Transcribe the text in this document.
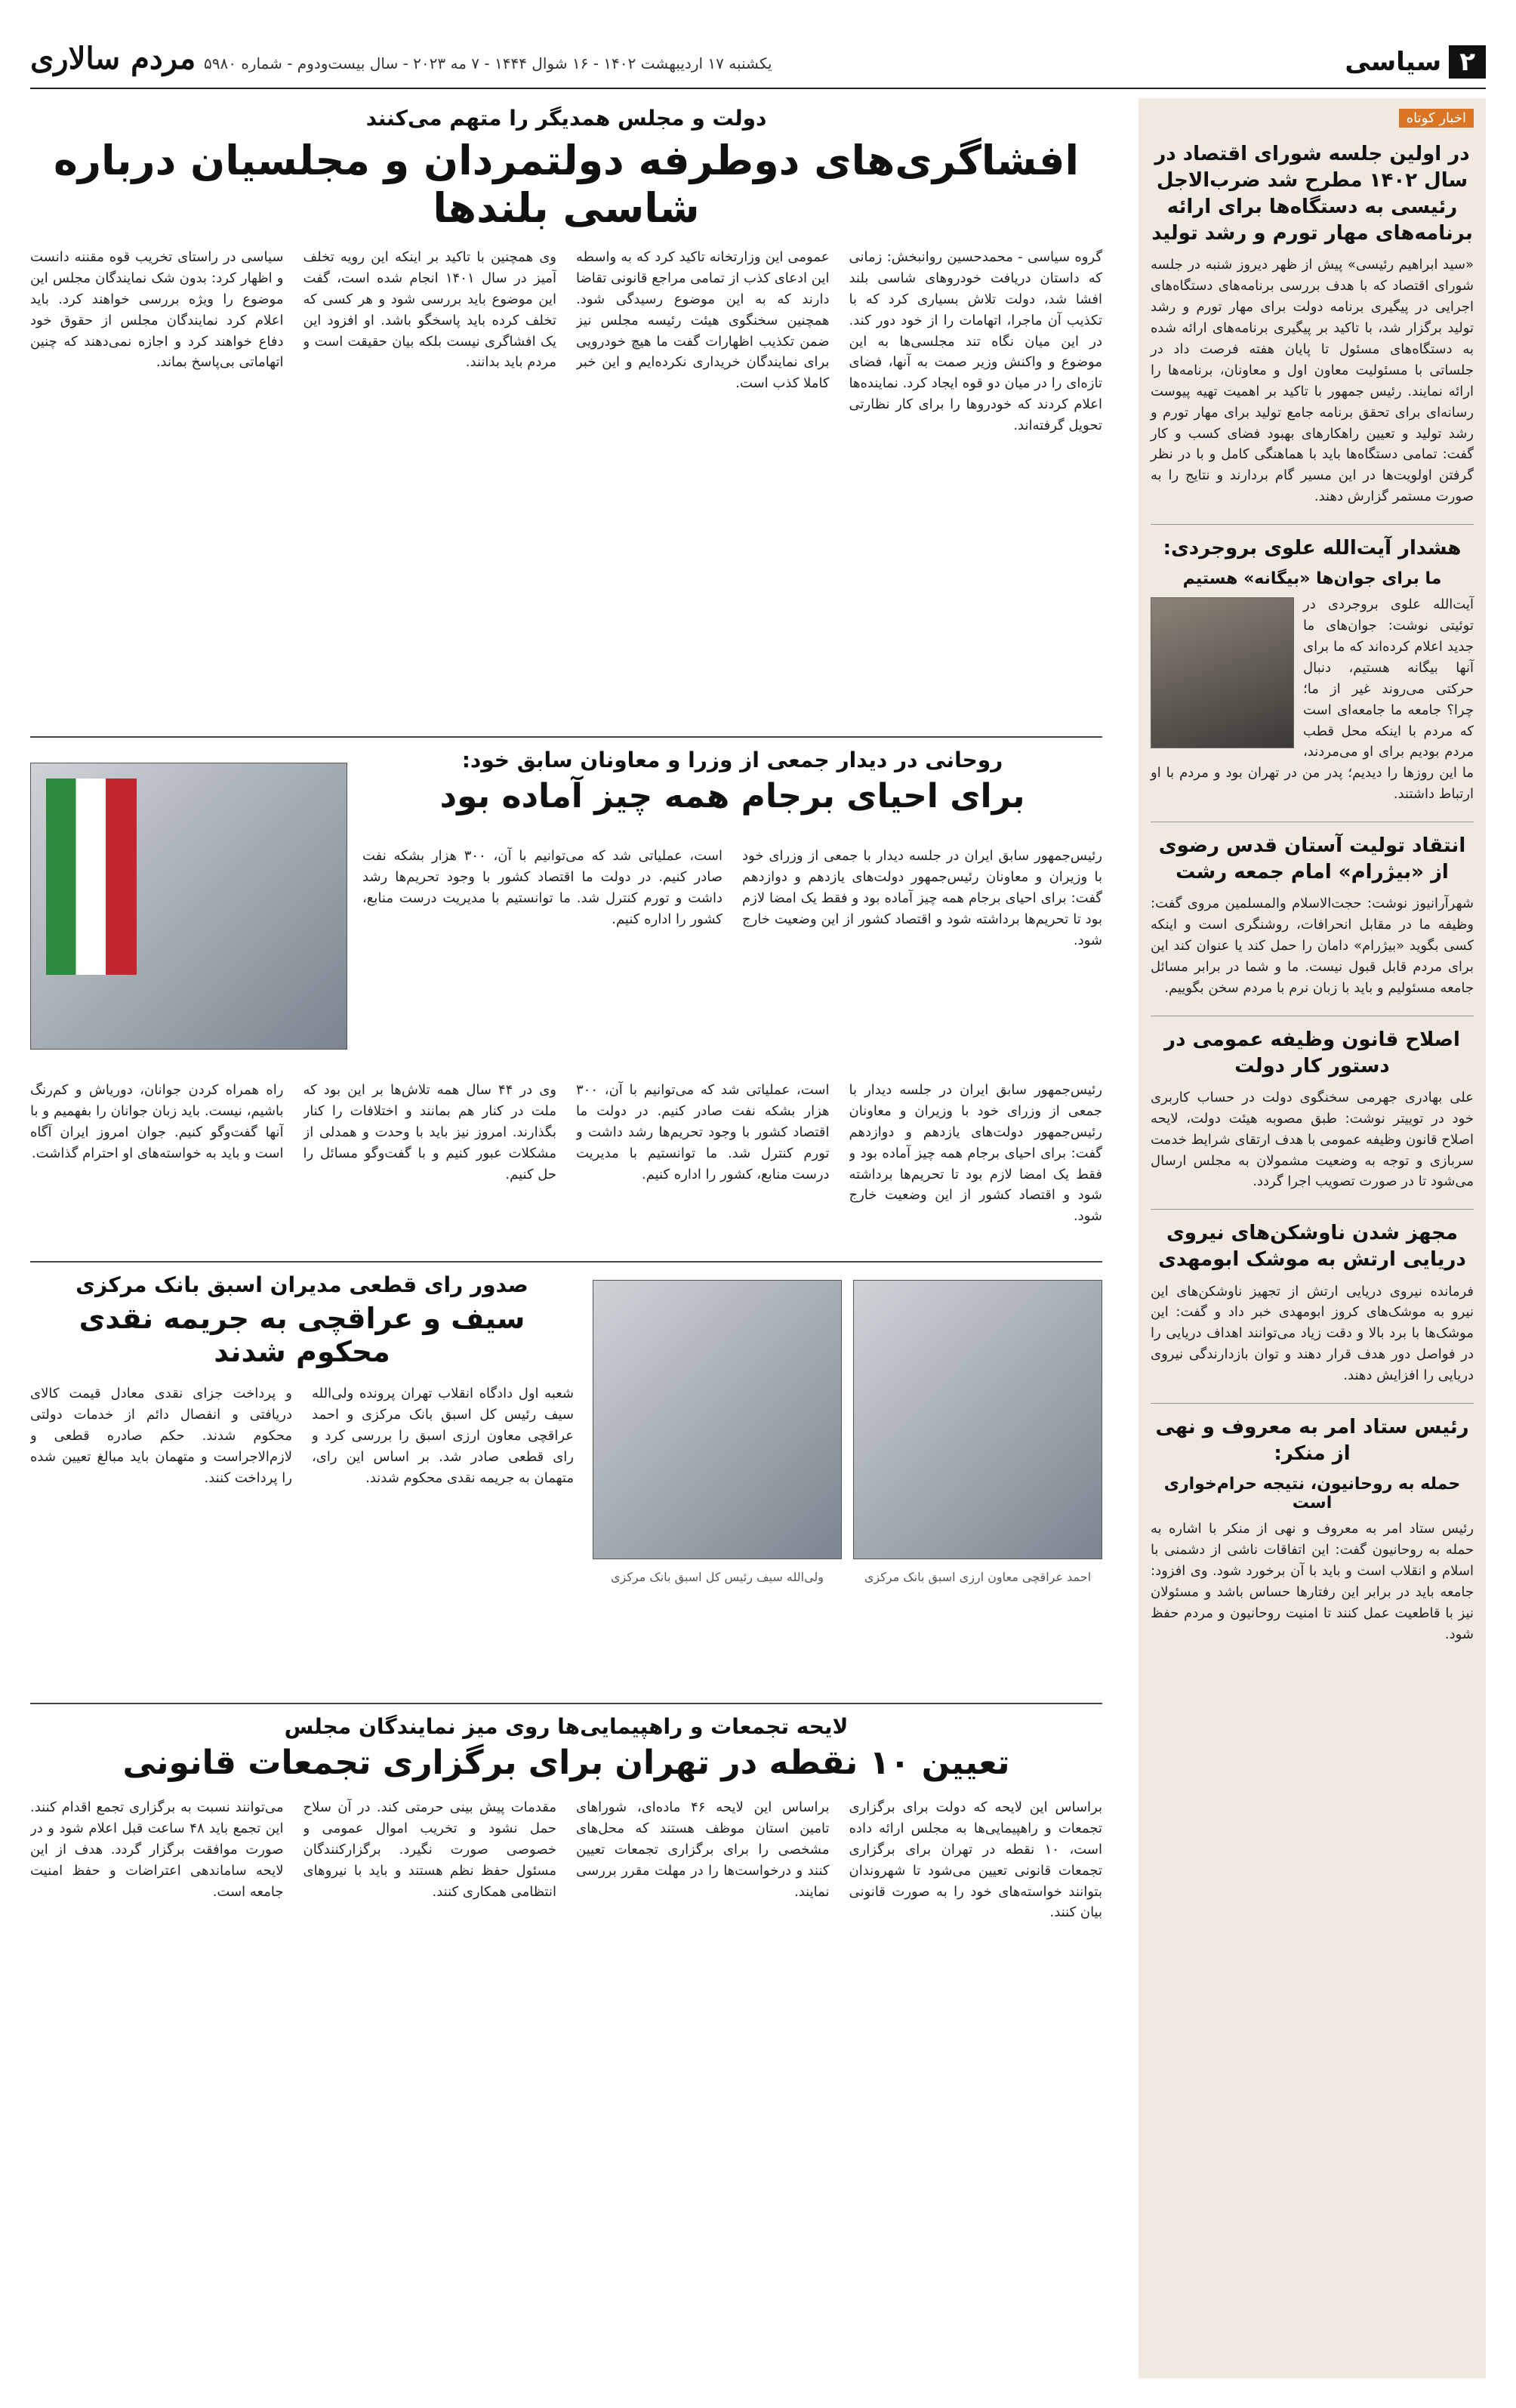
۲
سیاسی
یکشنبه ۱۷ اردیبهشت ۱۴۰۲ - ۱۶ شوال ۱۴۴۴ - ۷ مه ۲۰۲۳ - سال بیست‌ودوم - شماره ۵۹۸۰
مردم سالاری
اخبار کوتاه
در اولین جلسه شورای اقتصاد در سال ۱۴۰۲ مطرح شد ضرب‌الاجل رئیسی به دستگاه‌ها برای ارائه برنامه‌های مهار تورم و رشد تولید

«سید ابراهیم رئیسی» پیش از ظهر دیروز شنبه در جلسه شورای اقتصاد که با هدف بررسی برنامه‌های دستگاه‌های اجرایی در پیگیری برنامه دولت برای مهار تورم و رشد تولید برگزار شد، با تاکید بر پیگیری برنامه‌های ارائه شده به دستگاه‌های مسئول تا پایان هفته فرصت داد در جلساتی با مسئولیت معاون اول و معاونان، برنامه‌ها را ارائه نمایند. رئیس جمهور با تاکید بر اهمیت تهیه پیوست رسانه‌ای برای تحقق برنامه جامع تولید برای مهار تورم و رشد تولید و تعیین راهکارهای بهبود فضای کسب و کار گفت: تمامی دستگاه‌ها باید با هماهنگی کامل و با در نظر گرفتن اولویت‌ها در این مسیر گام بردارند و نتایج را به صورت مستمر گزارش دهند.

هشدار آیت‌الله علوی بروجردی:
ما برای جوان‌ها «بیگانه» هستیم

آیت‌الله علوی بروجردی در توئیتی نوشت: جوان‌های ما جدید اعلام کرده‌اند که ما برای آنها بیگانه هستیم، دنبال حرکتی می‌روند غیر از ما؛ چرا؟ جامعه ما جامعه‌ای است که مردم با اینکه محل قطب مردم بودیم برای او می‌مردند، ما این روزها را دیدیم؛ پدر من در تهران بود و مردم با او ارتباط داشتند.

انتقاد تولیت آستان قدس رضوی از «بیژرام» امام جمعه رشت

شهرآرانیوز نوشت: حجت‌الاسلام والمسلمین مروی گفت: وظیفه ما در مقابل انحرافات، روشنگری است و اینکه کسی بگوید «بیژرام» دامان را حمل کند یا عنوان کند این برای مردم قابل قبول نیست. ما و شما در برابر مسائل جامعه مسئولیم و باید با زبان نرم با مردم سخن بگوییم.

اصلاح قانون وظیفه عمومی در دستور کار دولت

علی بهادری جهرمی سخنگوی دولت در حساب کاربری خود در توییتر نوشت: طبق مصوبه هیئت دولت، لایحه اصلاح قانون وظیفه عمومی با هدف ارتقای شرایط خدمت سربازی و توجه به وضعیت مشمولان به مجلس ارسال می‌شود تا در صورت تصویب اجرا گردد.

مجهز شدن ناوشکن‌های نیروی دریایی ارتش به موشک ابومهدی

فرمانده نیروی دریایی ارتش از تجهیز ناوشکن‌های این نیرو به موشک‌های کروز ابومهدی خبر داد و گفت: این موشک‌ها با برد بالا و دقت زیاد می‌توانند اهداف دریایی را در فواصل دور هدف قرار دهند و توان بازدارندگی نیروی دریایی را افزایش دهند.

رئیس ستاد امر به معروف و نهی از منکر:
حمله به روحانیون، نتیجه حرام‌خواری است

رئیس ستاد امر به معروف و نهی از منکر با اشاره به حمله به روحانیون گفت: این اتفاقات ناشی از دشمنی با اسلام و انقلاب است و باید با آن برخورد شود. وی افزود: جامعه باید در برابر این رفتارها حساس باشد و مسئولان نیز با قاطعیت عمل کنند تا امنیت روحانیون و مردم حفظ شود.

دولت و مجلس همدیگر را متهم می‌کنند
افشاگری‌های دوطرفه دولتمردان و مجلسیان درباره شاسی بلندها

گروه سیاسی - محمدحسین روانبخش: زمانی که داستان دریافت خودروهای شاسی بلند افشا شد، دولت تلاش بسیاری کرد که با تکذیب آن ماجرا، اتهامات را از خود دور کند. در این میان نگاه تند مجلسی‌ها به این موضوع و واکنش وزیر صمت به آنها، فضای تازه‌ای را در میان دو قوه ایجاد کرد. نماینده‌ها اعلام کردند که خودروها را برای کار نظارتی تحویل گرفته‌اند.

عمومی این وزارتخانه تاکید کرد که به واسطه این ادعای کذب از تمامی مراجع قانونی تقاضا دارند که به این موضوع رسیدگی شود. همچنین سخنگوی هیئت رئیسه مجلس نیز ضمن تکذیب اظهارات گفت ما هیچ خودرویی برای نمایندگان خریداری نکرده‌ایم و این خبر کاملا کذب است.

وی همچنین با تاکید بر اینکه این رویه تخلف آمیز در سال ۱۴۰۱ انجام شده است، گفت این موضوع باید بررسی شود و هر کسی که تخلف کرده باید پاسخگو باشد. او افزود این یک افشاگری نیست بلکه بیان حقیقت است و مردم باید بدانند.

سیاسی در راستای تخریب قوه مقننه دانست و اظهار کرد: بدون شک نمایندگان مجلس این موضوع را ویژه بررسی خواهند کرد. باید اعلام کرد نمایندگان مجلس از حقوق خود دفاع خواهند کرد و اجازه نمی‌دهند که چنین اتهاماتی بی‌پاسخ بماند.

روحانی در دیدار جمعی از وزرا و معاونان سابق خود:
برای احیای برجام همه چیز آماده بود

رئیس‌جمهور سابق ایران در جلسه دیدار با جمعی از وزرای خود با وزیران و معاونان رئیس‌جمهور دولت‌های یازدهم و دوازدهم گفت: برای احیای برجام همه چیز آماده بود و فقط یک امضا لازم بود تا تحریم‌ها برداشته شود و اقتصاد کشور از این وضعیت خارج شود.

است، عملیاتی شد که می‌توانیم با آن، ۳۰۰ هزار بشکه نفت صادر کنیم. در دولت ما اقتصاد کشور با وجود تحریم‌ها رشد داشت و تورم کنترل شد. ما توانستیم با مدیریت درست منابع، کشور را اداره کنیم.

رئیس‌جمهور سابق ایران در جلسه دیدار با جمعی از وزرای خود با وزیران و معاونان رئیس‌جمهور دولت‌های یازدهم و دوازدهم گفت: برای احیای برجام همه چیز آماده بود و فقط یک امضا لازم بود تا تحریم‌ها برداشته شود و اقتصاد کشور از این وضعیت خارج شود.

است، عملیاتی شد که می‌توانیم با آن، ۳۰۰ هزار بشکه نفت صادر کنیم. در دولت ما اقتصاد کشور با وجود تحریم‌ها رشد داشت و تورم کنترل شد. ما توانستیم با مدیریت درست منابع، کشور را اداره کنیم.

وی در ۴۴ سال همه تلاش‌ها بر این بود که ملت در کنار هم بمانند و اختلافات را کنار بگذارند. امروز نیز باید با وحدت و همدلی از مشکلات عبور کنیم و با گفت‌وگو مسائل را حل کنیم.

راه همراه کردن جوانان، دوریاش و کم‌رنگ باشیم، نیست. باید زبان جوانان را بفهمیم و با آنها گفت‌وگو کنیم. جوان امروز ایران آگاه است و باید به خواسته‌های او احترام گذاشت.

صدور رای قطعی مدیران اسبق بانک مرکزی
سیف و عراقچی به جریمه نقدی محکوم شدند

شعبه اول دادگاه انقلاب تهران پرونده ولی‌الله سیف رئیس کل اسبق بانک مرکزی و احمد عراقچی معاون ارزی اسبق را بررسی کرد و رای قطعی صادر شد. بر اساس این رای، متهمان به جریمه نقدی محکوم شدند.

و پرداخت جزای نقدی معادل قیمت کالای دریافتی و انفصال دائم از خدمات دولتی محکوم شدند. حکم صادره قطعی و لازم‌الاجراست و متهمان باید مبالغ تعیین شده را پرداخت کنند.

احمد عراقچی معاون ارزی اسبق بانک مرکزی
ولی‌الله سیف رئیس کل اسبق بانک مرکزی
لایحه تجمعات و راهپیمایی‌ها روی میز نمایندگان مجلس
تعیین ۱۰ نقطه در تهران برای برگزاری تجمعات قانونی

براساس این لایحه که دولت برای برگزاری تجمعات و راهپیمایی‌ها به مجلس ارائه داده است، ۱۰ نقطه در تهران برای برگزاری تجمعات قانونی تعیین می‌شود تا شهروندان بتوانند خواسته‌های خود را به صورت قانونی بیان کنند.

براساس این لایحه ۴۶ ماده‌ای، شوراهای تامین استان موظف هستند که محل‌های مشخصی را برای برگزاری تجمعات تعیین کنند و درخواست‌ها را در مهلت مقرر بررسی نمایند.

مقدمات پیش بینی حرمتی کند. در آن سلاح حمل نشود و تخریب اموال عمومی و خصوصی صورت نگیرد. برگزارکنندگان مسئول حفظ نظم هستند و باید با نیروهای انتظامی همکاری کنند.

می‌توانند نسبت به برگزاری تجمع اقدام کنند. این تجمع باید ۴۸ ساعت قبل اعلام شود و در صورت موافقت برگزار گردد. هدف از این لایحه ساماندهی اعتراضات و حفظ امنیت جامعه است.
